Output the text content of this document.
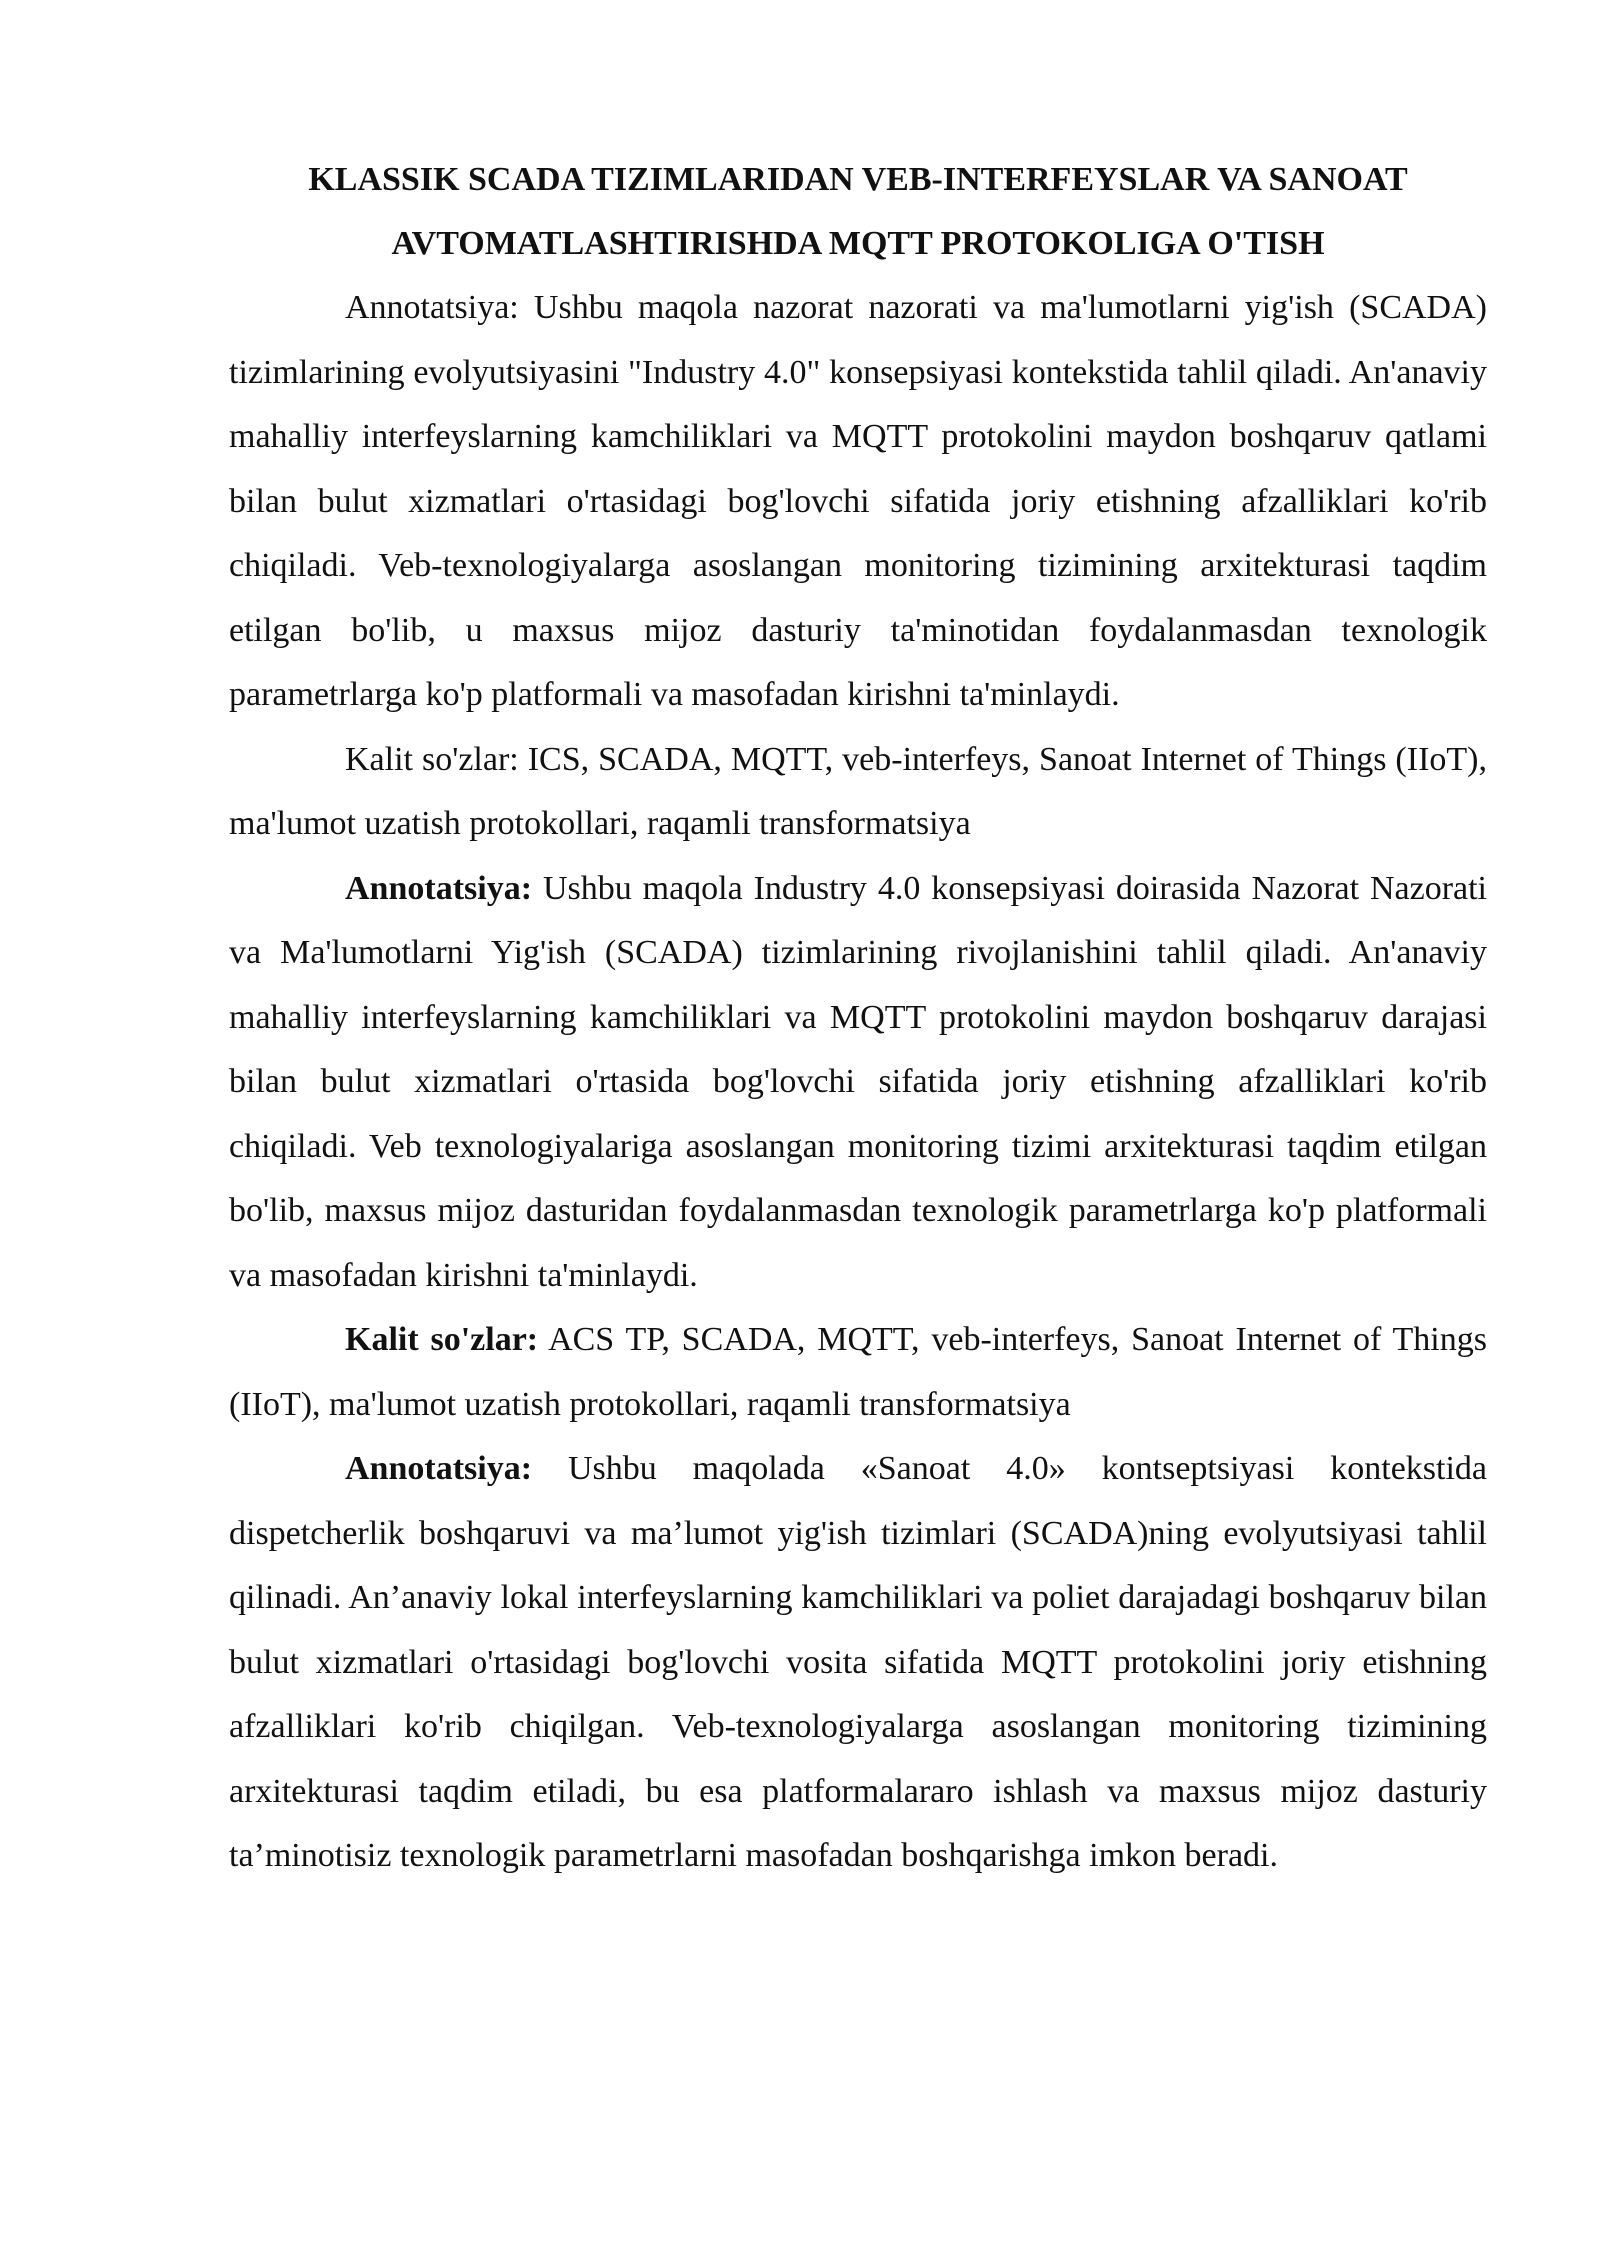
KLASSIK SCADA TIZIMLARIDAN VEB-INTERFEYSLAR VA SANOAT
AVTOMATLASHTIRISHDA MQTT PROTOKOLIGA O'TISH

Annotatsiya: Ushbu maqola nazorat nazorati va ma'lumotlarni yig'ish (SCADA) tizimlarining evolyutsiyasini "Industry 4.0" konsepsiyasi kontekstida tahlil qiladi. An'anaviy mahalliy interfeyslarning kamchiliklari va MQTT protokolini maydon boshqaruv qatlami bilan bulut xizmatlari o'rtasidagi bog'lovchi sifatida joriy etishning afzalliklari ko'rib chiqiladi. Veb-texnologiyalarga asoslangan monitoring tizimining arxitekturasi taqdim etilgan bo'lib, u maxsus mijoz dasturiy ta'minotidan foydalanmasdan texnologik parametrlarga ko'p platformali va masofadan kirishni ta'minlaydi.

Kalit so'zlar: ICS, SCADA, MQTT, veb-interfeys, Sanoat Internet of Things (IIoT), ma'lumot uzatish protokollari, raqamli transformatsiya

Annotatsiya: Ushbu maqola Industry 4.0 konsepsiyasi doirasida Nazorat Nazorati va Ma'lumotlarni Yig'ish (SCADA) tizimlarining rivojlanishini tahlil qiladi. An'anaviy mahalliy interfeyslarning kamchiliklari va MQTT protokolini maydon boshqaruv darajasi bilan bulut xizmatlari o'rtasida bog'lovchi sifatida joriy etishning afzalliklari ko'rib chiqiladi. Veb texnologiyalariga asoslangan monitoring tizimi arxitekturasi taqdim etilgan bo'lib, maxsus mijoz dasturidan foydalanmasdan texnologik parametrlarga ko'p platformali va masofadan kirishni ta'minlaydi.

Kalit so'zlar: ACS TP, SCADA, MQTT, veb-interfeys, Sanoat Internet of Things (IIoT), ma'lumot uzatish protokollari, raqamli transformatsiya

Annotatsiya: Ushbu maqolada «Sanoat 4.0» kontseptsiyasi kontekstida dispetcherlik boshqaruvi va ma’lumot yig'ish tizimlari (SCADA)ning evolyutsiyasi tahlil qilinadi. An’anaviy lokal interfeyslarning kamchiliklari va poliet darajadagi boshqaruv bilan bulut xizmatlari o'rtasidagi bog'lovchi vosita sifatida MQTT protokolini joriy etishning afzalliklari ko'rib chiqilgan. Veb-texnologiyalarga asoslangan monitoring tizimining arxitekturasi taqdim etiladi, bu esa platformalararo ishlash va maxsus mijoz dasturiy ta’minotisiz texnologik parametrlarni masofadan boshqarishga imkon beradi.
